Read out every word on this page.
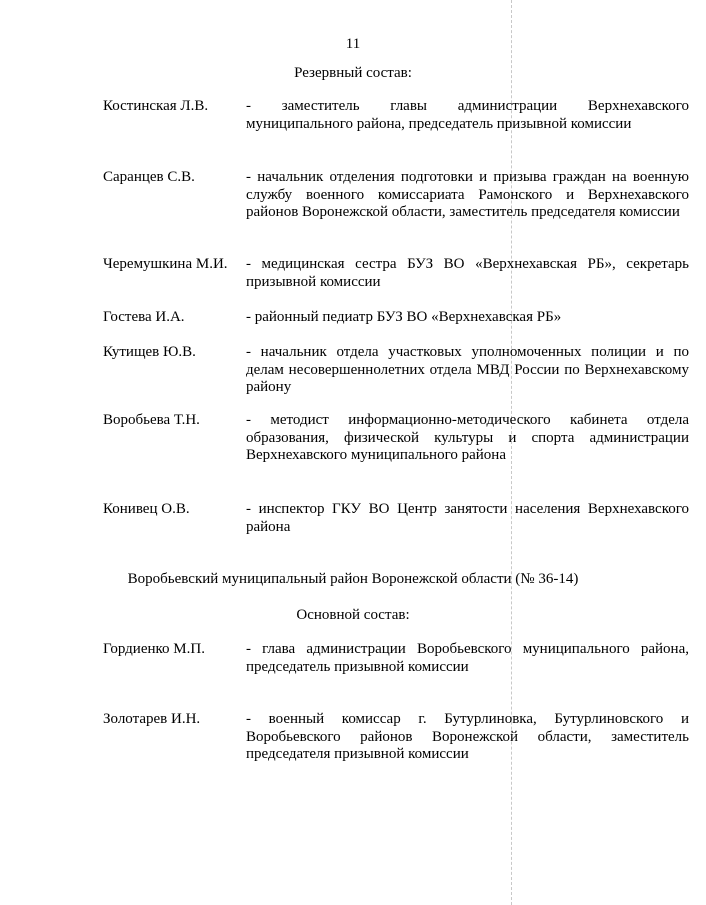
11
Резервный состав:
Костинская Л.В.	- заместитель главы администрации Верхнехавского муниципального района, председатель призывной комиссии
Саранцев С.В.	- начальник отделения подготовки и призыва граждан на военную службу военного комиссариата Рамонского и Верхнехавского районов Воронежской области, заместитель председателя комиссии
Черемушкина М.И.	- медицинская сестра БУЗ ВО «Верхнехавская РБ», секретарь призывной комиссии
Гостева И.А.	- районный педиатр БУЗ ВО «Верхнехавская РБ»
Кутищев Ю.В.	- начальник отдела участковых уполномоченных полиции и по делам несовершеннолетних отдела МВД России по Верхнехавскому району
Воробьева Т.Н.	- методист информационно-методического кабинета отдела образования, физической культуры и спорта администрации Верхнехавского муниципального района
Конивец О.В.	- инспектор ГКУ ВО Центр занятости населения Верхнехавского района
Воробьевский муниципальный район Воронежской области (№ 36-14)
Основной состав:
Гордиенко М.П.	- глава администрации Воробьевского муниципального района, председатель призывной комиссии
Золотарев И.Н.	- военный комиссар г. Бутурлиновка, Бутурлиновского и Воробьевского районов Воронежской области, заместитель председателя призывной комиссии
